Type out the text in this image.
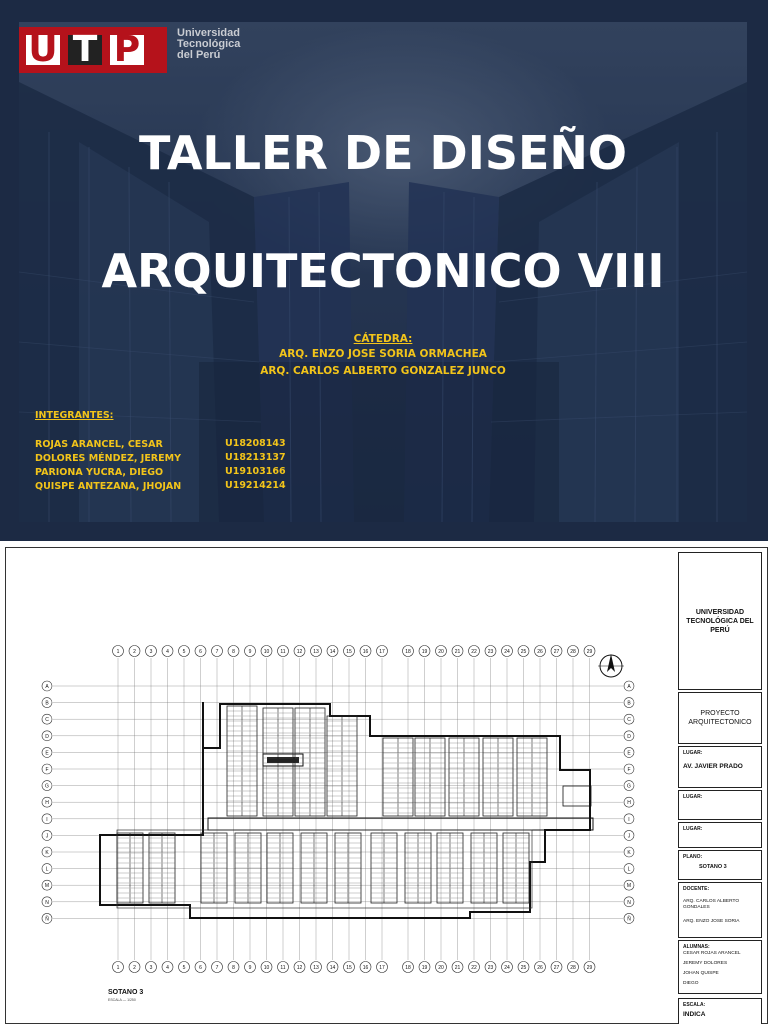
U T P	Universidad
Tecnológica
del Perú
TALLER DE DISEÑO
ARQUITECTONICO VIII
CÁTEDRA:
ARQ. ENZO JOSE SORIA ORMACHEA
ARQ. CARLOS ALBERTO GONZALEZ JUNCO
INTEGRANTES:
ROJAS ARANCEL, CESAR	U18208143
DOLORES MÉNDEZ, JEREMY	U18213137
PARIONA YUCRA, DIEGO	U19103166
QUISPE ANTEZANA, JHOJAN	U19214214
1
1
2
2
3
3
4
4
5
5
6
6
7
7
8
8
9
9
10
10
11
11
12
12
13
13
14
14
15
15
16
16
17
17
18
18
19
19
20
20
21
21
22
22
23
23
24
24
25
25
26
26
27
27
28
28
29
29
A	A
B	B
C	C
D	D
E	E
F	F
G	G
H	H
I	I
J	J
K	K
L	L
M	M
N	N
Ñ	Ñ
SOTANO 3
ESCALA — 1/250
UNIVERSIDAD TECNOLÓGICA DEL PERÚ
PROYECTO ARQUITECTONICO
LUGAR:
AV. JAVIER PRADO
LUGAR:
LUGAR:
PLANO:
SOTANO 3
DOCENTE:
ARQ. CARLOS ALBERTO GONDALES
ARQ. ENZO JOSE SORIA
ALUMNAS:
CESAR ROJAS ARANCEL
JEREMY DOLORES
JOHAN QUISPE
DIEGO
ESCALA:
INDICA
